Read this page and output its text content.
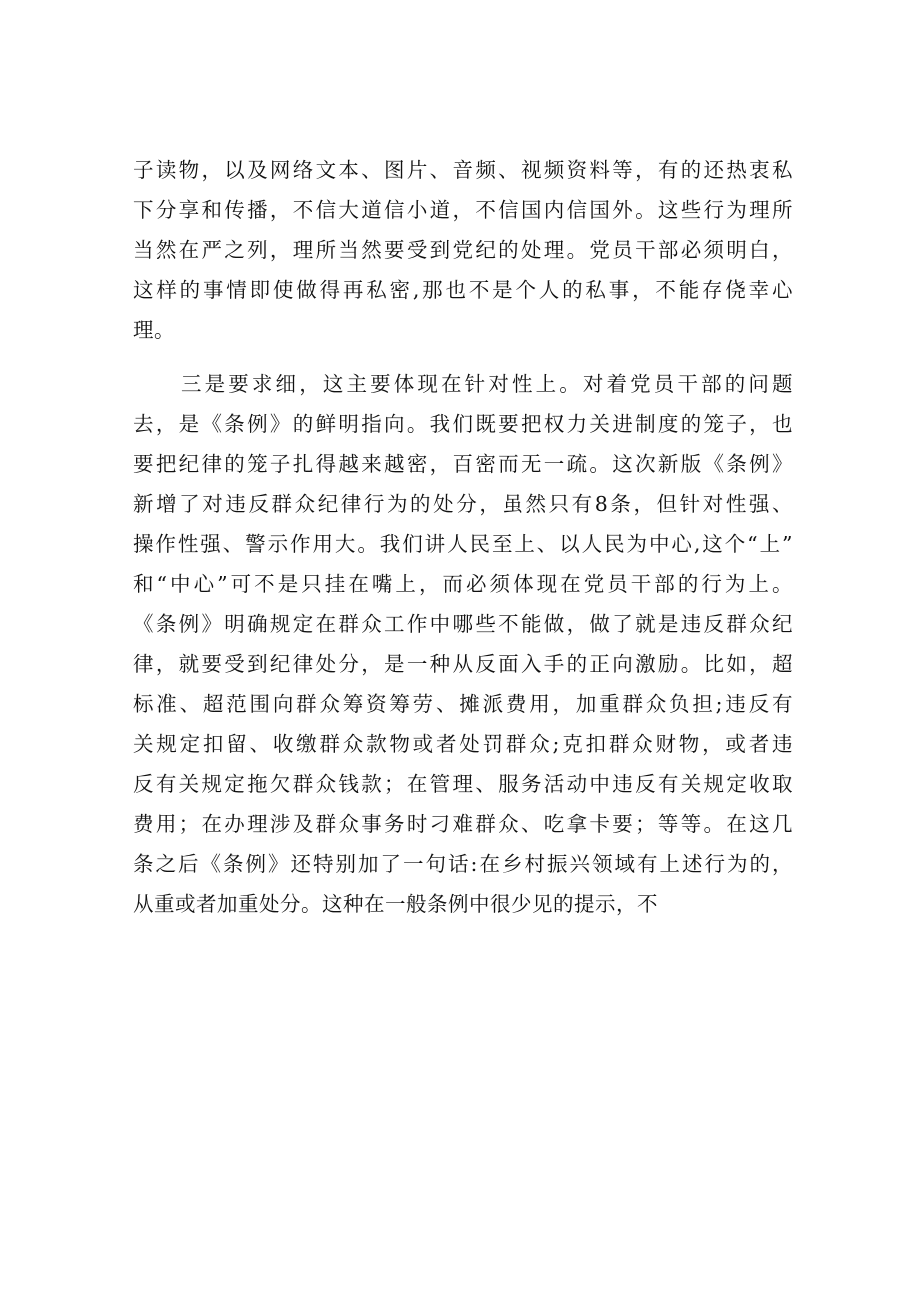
子读物，以及网络文本、图片、音频、视频资料等，有的还热衷私
下分享和传播，不信大道信小道，不信国内信国外。这些行为理所
当然在严之列，理所当然要受到党纪的处理。党员干部必须明白，
这样的事情即使做得再私密,那也不是个人的私事，不能存侥幸心
理。
三是要求细，这主要体现在针对性上。对着党员干部的问题
去，是《条例》的鲜明指向。我们既要把权力关进制度的笼子，也
要把纪律的笼子扎得越来越密，百密而无一疏。这次新版《条例》
新增了对违反群众纪律行为的处分，虽然只有8条，但针对性强、
操作性强、警示作用大。我们讲人民至上、以人民为中心,这个“上”
和“中心”可不是只挂在嘴上，而必须体现在党员干部的行为上。
《条例》明确规定在群众工作中哪些不能做，做了就是违反群众纪
律，就要受到纪律处分，是一种从反面入手的正向激励。比如，超
标准、超范围向群众筹资筹劳、摊派费用，加重群众负担;违反有
关规定扣留、收缴群众款物或者处罚群众;克扣群众财物，或者违
反有关规定拖欠群众钱款；在管理、服务活动中违反有关规定收取
费用；在办理涉及群众事务时刁难群众、吃拿卡要；等等。在这几
条之后《条例》还特别加了一句话:在乡村振兴领域有上述行为的，
从重或者加重处分。这种在一般条例中很少见的提示，不
